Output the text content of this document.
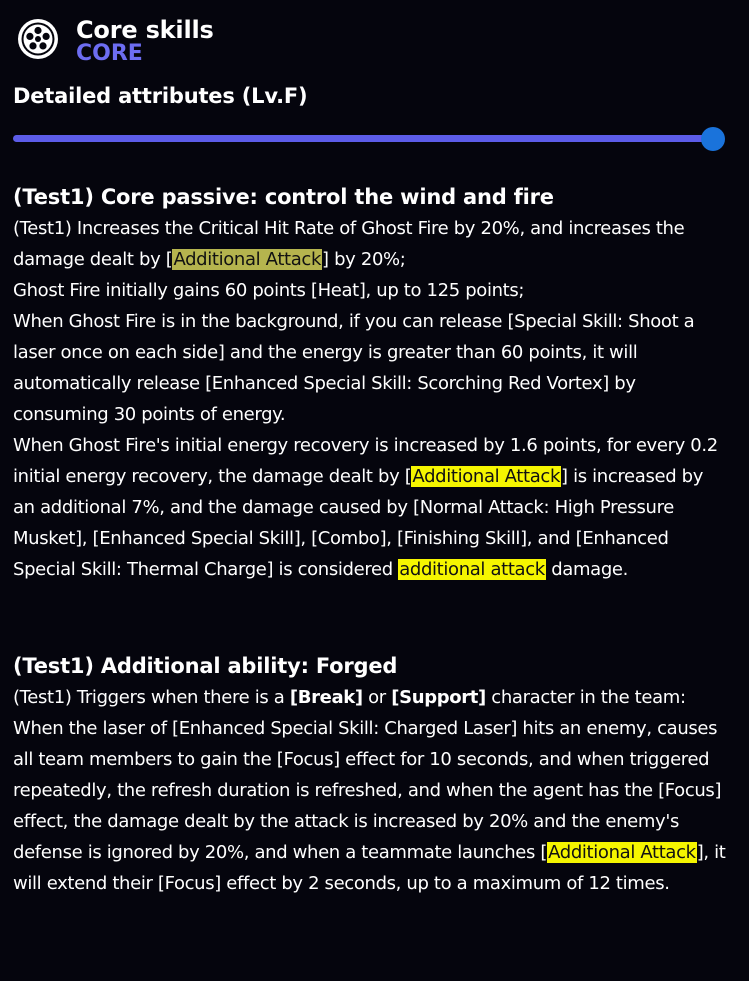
Core skills
CORE
Detailed attributes (Lv.F)
(Test1) Core passive: control the wind and fire

(Test1) Increases the Critical Hit Rate of Ghost Fire by 20%, and increases the damage dealt by [Additional Attack] by 20%;

Ghost Fire initially gains 60 points [Heat], up to 125 points;

When Ghost Fire is in the background, if you can release [Special Skill: Shoot a laser once on each side] and the energy is greater than 60 points, it will automatically release [Enhanced Special Skill: Scorching Red Vortex] by consuming 30 points of energy.

When Ghost Fire's initial energy recovery is increased by 1.6 points, for every 0.2 initial energy recovery, the damage dealt by [Additional Attack] is increased by an additional 7%, and the damage caused by [Normal Attack: High Pressure Musket], [Enhanced Special Skill], [Combo], [Finishing Skill], and [Enhanced Special Skill: Thermal Charge] is considered additional attack damage.

(Test1) Additional ability: Forged

(Test1) Triggers when there is a [Break] or [Support] character in the team:

When the laser of [Enhanced Special Skill: Charged Laser] hits an enemy, causes all team members to gain the [Focus] effect for 10 seconds, and when triggered repeatedly, the refresh duration is refreshed, and when the agent has the [Focus] effect, the damage dealt by the attack is increased by 20% and the enemy's defense is ignored by 20%, and when a teammate launches [Additional Attack], it will extend their [Focus] effect by 2 seconds, up to a maximum of 12 times.
